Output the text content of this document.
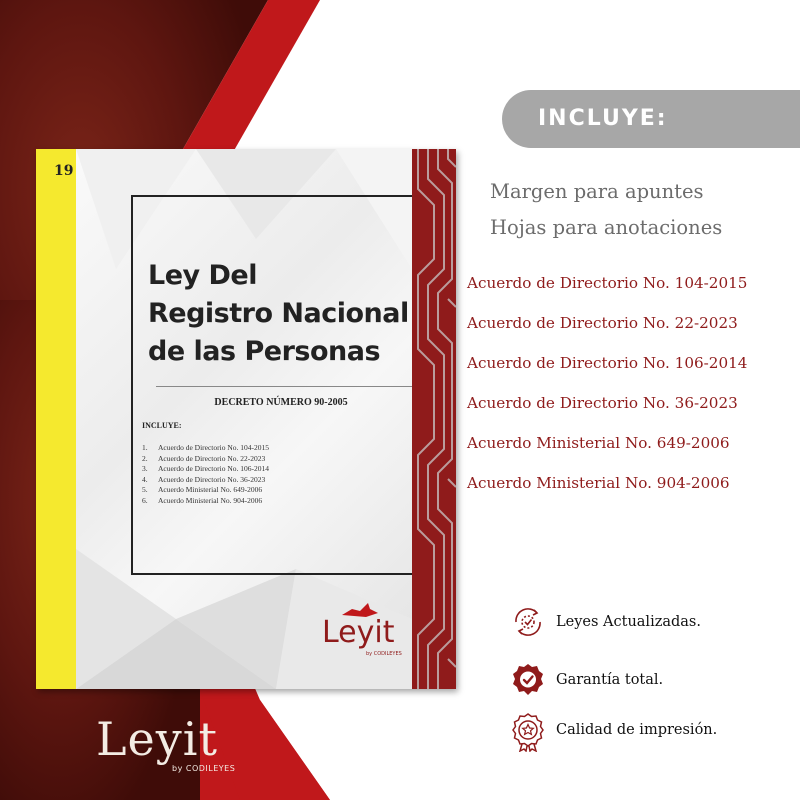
19
Ley Del
Registro Nacional
de las Personas
DECRETO NÚMERO 90-2005
INCLUYE:
1. Acuerdo de Directorio No. 104-2015
2. Acuerdo de Directorio No. 22-2023
3. Acuerdo de Directorio No. 106-2014
4. Acuerdo de Directorio No. 36-2023
5. Acuerdo Ministerial No. 649-2006
6. Acuerdo Ministerial No. 904-2006
Leyit
by CODILEYES
Leyit
by CODILEYES
INCLUYE:
Margen para apuntes
Hojas para anotaciones
Acuerdo de Directorio No. 104-2015
Acuerdo de Directorio No. 22-2023
Acuerdo de Directorio No. 106-2014
Acuerdo de Directorio No. 36-2023
Acuerdo Ministerial No. 649-2006
Acuerdo Ministerial No. 904-2006
Leyes Actualizadas.
Garantía total.
Calidad de impresión.
